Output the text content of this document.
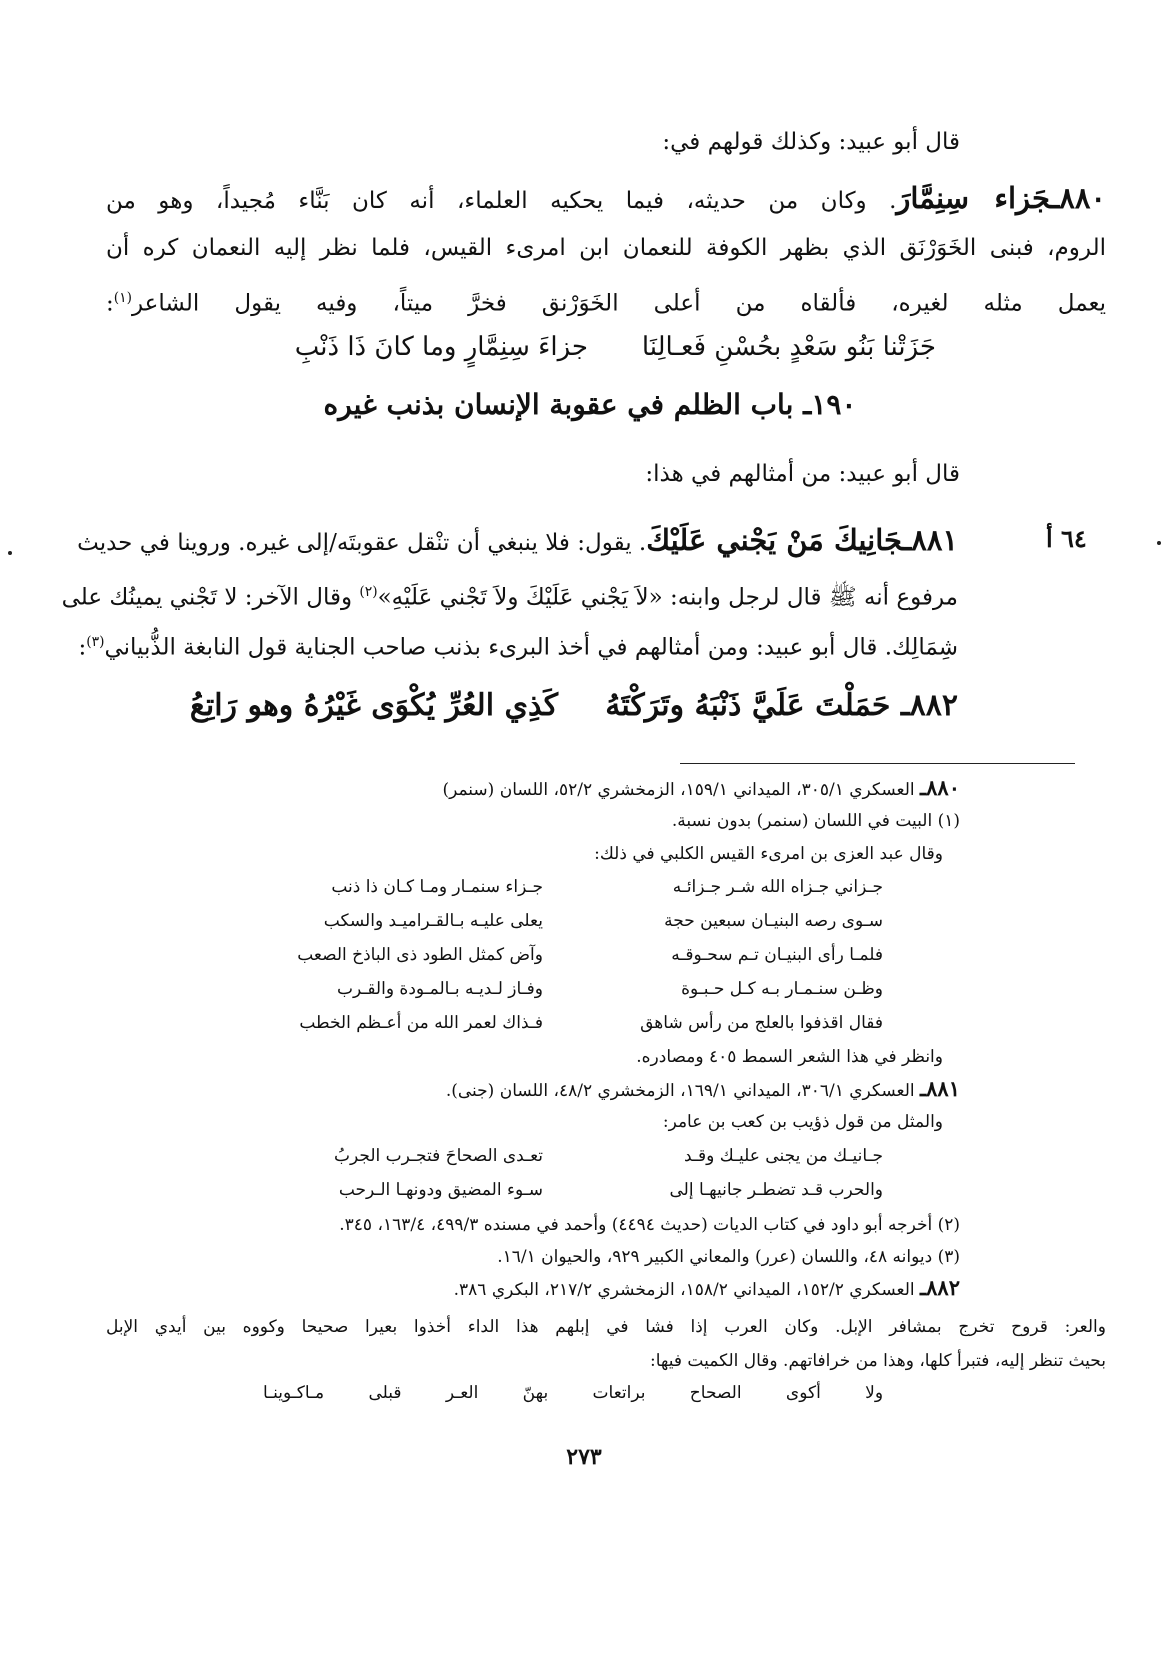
قال أبو عبيد: وكذلك قولهم في:
٨٨٠ـجَزاء سِنِمَّارَ. وكان من حديثه، فيما يحكيه العلماء، أنه كان بَنَّاء مُجيداً، وهو من
الروم، فبنى الخَوَرْنَق الذي بظهر الكوفة للنعمان ابن امرىء القيس، فلما نظر إليه النعمان كره أن
يعمل مثله لغيره، فألقاه من أعلى الخَوَرْنق فخرَّ ميتاً، وفيه يقول الشاعر$^{(١)}$:
جَزَتْنا بَنُو سَعْدٍ بحُسْنِ فَعـالِنَا
جزاءَ سِنِمَّارٍ وما كانَ ذَا ذَنْبِ
١٩٠ـ باب الظلم في عقوبة الإنسان بذنب غيره
قال أبو عبيد: من أمثالهم في هذا:
٦٤ أ
٨٨١ـجَانِيكَ مَنْ يَجْني عَلَيْكَ. يقول: فلا ينبغي أن تنْقل عقوبتَه/إلى غيره. وروينا في حديث
مرفوع أنه ﷺ قال لرجل وابنه: «لاَ يَجْني عَلَيْكَ ولاَ تَجْني عَلَيْهِ»$^{(٢)}$ وقال الآخر: لا تَجْني يمينُك على
شِمَالِك. قال أبو عبيد: ومن أمثالهم في أخذ البرىء بذنب صاحب الجناية قول النابغة الذُّبياني$^{(٣)}$:
٨٨٢ـ حَمَلْتَ عَلَيَّ ذَنْبَهُ وتَرَكْتَهُ
كَذِي العُرِّ يُكْوَى غَيْرُهُ وهو رَاتِعُ
٨٨٠ـ العسكري ٣٠٥/١، الميداني ١٥٩/١، الزمخشري ٥٢/٢، اللسان (سنمر)
(١) البيت في اللسان (سنمر) بدون نسبة.
وقال عبد العزى بن امرىء القيس الكلبي في ذلك:
جـزاني جـزاه الله شـر جـزائـه
جـزاء سنمـار ومـا كـان ذا ذنب
سـوى رصه البنيـان سبعين حجة
يعلى عليـه بـالقـراميـد والسكب
فلمـا رأى البنيـان تـم سحـوقـه
وآض كمثل الطود ذى الباذخ الصعب
وظـن سنـمـار بـه كـل حـبـوة
وفـاز لـديـه بـالمـودة والقـرب
فقال اقذفوا بالعلج من رأس شاهق
فـذاك لعمر الله من أعـظم الخطب
وانظر في هذا الشعر السمط ٤٠٥ ومصادره.
٨٨١ـ العسكري ٣٠٦/١، الميداني ١٦٩/١، الزمخشري ٤٨/٢، اللسان (جنى).
والمثل من قول ذؤيب بن كعب بن عامر:
جـانيـك من يجنى عليـك وقـد
تعـدى الصحاحَ فتجـرب الجربُ
والحرب قـد تضطـر جانيهـا إلى
سـوء المضيق ودونهـا الـرحب
(٢) أخرجه أبو داود في كتاب الديات (حديث ٤٤٩٤) وأحمد في مسنده ٤٩٩/٣، ١٦٣/٤، ٣٤٥.
(٣) ديوانه ٤٨، واللسان (عرر) والمعاني الكبير ٩٢٩، والحيوان ١٦/١.
٨٨٢ـ العسكري ١٥٢/٢، الميداني ١٥٨/٢، الزمخشري ٢١٧/٢، البكري ٣٨٦.
والعر: قروح تخرج بمشافر الإبل. وكان العرب إذا فشا في إبلهم هذا الداء أخذوا بعيرا صحيحا وكووه بين أيدي الإبل
بحيث تنظر إليه، فتبرأ كلها، وهذا من خرافاتهم. وقال الكميت فيها:
ولا أكوى الصحاح براتعات بهنّ العـر قبلى مـاكـوينـا
٢٧٣
